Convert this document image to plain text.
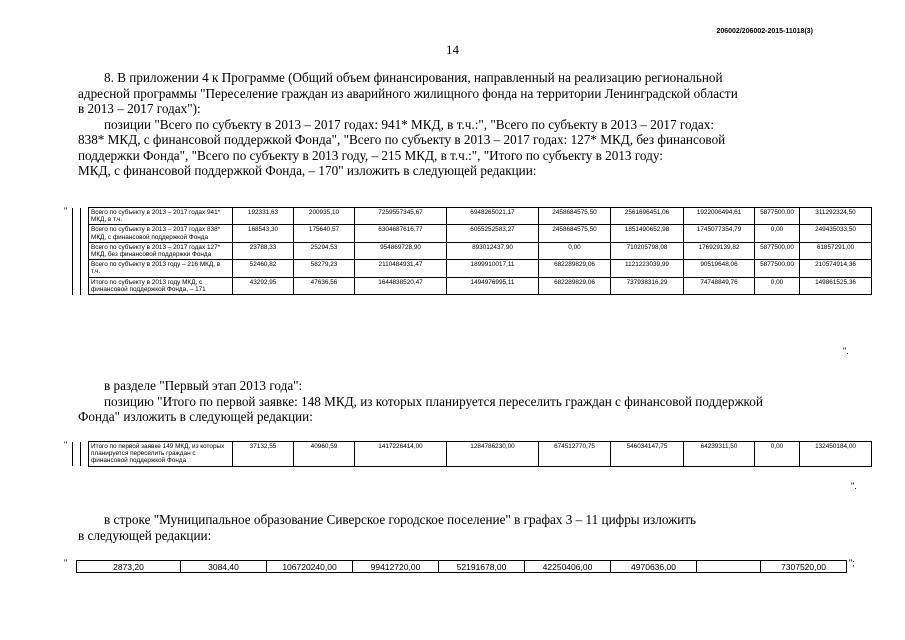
206002/206002-2015-11018(3)
14
8. В приложении 4 к Программе (Общий объем финансирования, направленный на реализацию региональной
адресной программы "Переселение граждан из аварийного жилищного фонда на территории Ленинградской области
в 2013 – 2017 годах"):
позиции "Всего по субъекту в 2013 – 2017 годах: 941* МКД, в т.ч.:", "Всего по субъекту в 2013 – 2017 годах:
838* МКД, с финансовой поддержкой Фонда", "Всего по субъекту в 2013 – 2017 годах: 127* МКД, без финансовой
поддержки Фонда", "Всего по субъекту в 2013 году, – 215 МКД, в т.ч.:", "Итого по субъекту в 2013 году:
МКД, с финансовой поддержкой Фонда, – 170" изложить в следующей редакции:
"
			Всего по субъекту в 2013 – 2017 годах 941* МКД, в т.ч.	192331,63	200935,10	7259557345,67	6948265021,17	2458684575,50	2561696451,06	1922006494,61	5877500,00	311292324,50
		Всего по субъекту в 2013 – 2017 годах 838* МКД, с финансовой поддержкой Фонда	168543,30	175640,57	6304687616,77	6055252583,27	2458684575,50	1851490652,98	1745077354,79	0,00	249435033,50
		Всего по субъекту в 2013 – 2017 годах 127* МКД, без финансовой поддержки Фонда	23788,33	25294,53	954869728,90	893012437,90	0,00	710205798,08	176929139,82	5877500,00	61857291,00
		Всего по субъекту в 2013 году – 216 МКД, в т.ч.	52460,82	58279,23	2110484931,47	1899910017,11	682289829,06	1121223039,99	90519648,06	5877500,00	210574914,36
		Итого по субъекту в 2013 году МКД, с финансовой поддержкой Фонда, – 171	43292,95	47636,56	1644838520,47	1494976995,11	682289829,06	737938316,29	74748849,76	0,00	149861525,36
".
в разделе "Первый этап 2013 года":
позицию "Итого по первой заявке: 148 МКД, из которых планируется переселить граждан с финансовой поддержкой
Фонда" изложить в следующей редакции:
"
			Итого по первой заявке 149 МКД, из которых планируется переселить граждан с финансовой поддержкой Фонда	37132,55	40960,59	1417226414,00	1284786230,00	674512770,75	546034147,75	64239311,50	0,00	132450184,00
".
в строке "Муниципальное образование Сиверское городское поселение" в графах 3 – 11 цифры изложить
в следующей редакции:
"	2873,20	3084,40	106720240,00	99412720,00	52191678,00	42250406,00	4970636,00		7307520,00	";
